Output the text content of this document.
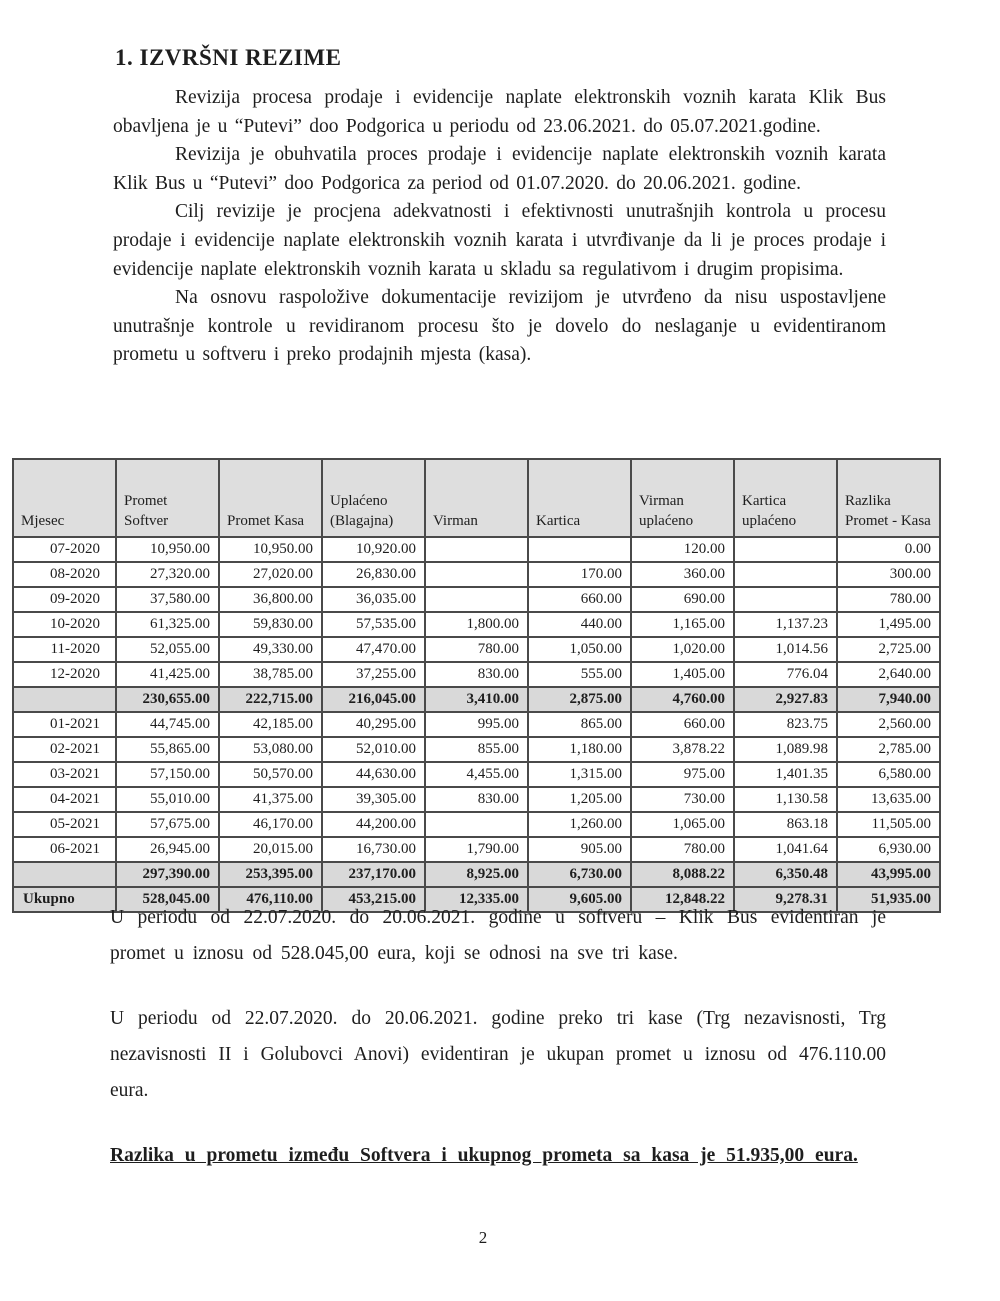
1. IZVRŠNI REZIME

Revizija procesa prodaje i evidencije naplate elektronskih voznih karata Klik Bus obavljena je u “Putevi” doo Podgorica u periodu od 23.06.2021. do 05.07.2021.godine.

Revizija je obuhvatila proces prodaje i evidencije naplate elektronskih voznih karata Klik Bus u “Putevi” doo Podgorica za period od 01.07.2020. do 20.06.2021. godine.

Cilj revizije je procjena adekvatnosti i efektivnosti unutrašnjih kontrola u procesu prodaje i evidencije naplate elektronskih voznih karata i utvrđivanje da li je proces prodaje i evidencije naplate elektronskih voznih karata u skladu sa regulativom i drugim propisima.

Na osnovu raspoložive dokumentacije revizijom je utvrđeno da nisu uspostavljene unutrašnje kontrole u revidiranom procesu što je dovelo do neslaganje u evidentiranom prometu u softveru i preko prodajnih mjesta (kasa).

Mjesec	Promet Softver	Promet Kasa	Uplaćeno (Blagajna)	Virman	Kartica	Virman uplaćeno	Kartica uplaćeno	Razlika Promet - Kasa
07-2020	10,950.00	10,950.00	10,920.00			120.00		0.00
08-2020	27,320.00	27,020.00	26,830.00		170.00	360.00		300.00
09-2020	37,580.00	36,800.00	36,035.00		660.00	690.00		780.00
10-2020	61,325.00	59,830.00	57,535.00	1,800.00	440.00	1,165.00	1,137.23	1,495.00
11-2020	52,055.00	49,330.00	47,470.00	780.00	1,050.00	1,020.00	1,014.56	2,725.00
12-2020	41,425.00	38,785.00	37,255.00	830.00	555.00	1,405.00	776.04	2,640.00
	230,655.00	222,715.00	216,045.00	3,410.00	2,875.00	4,760.00	2,927.83	7,940.00
01-2021	44,745.00	42,185.00	40,295.00	995.00	865.00	660.00	823.75	2,560.00
02-2021	55,865.00	53,080.00	52,010.00	855.00	1,180.00	3,878.22	1,089.98	2,785.00
03-2021	57,150.00	50,570.00	44,630.00	4,455.00	1,315.00	975.00	1,401.35	6,580.00
04-2021	55,010.00	41,375.00	39,305.00	830.00	1,205.00	730.00	1,130.58	13,635.00
05-2021	57,675.00	46,170.00	44,200.00		1,260.00	1,065.00	863.18	11,505.00
06-2021	26,945.00	20,015.00	16,730.00	1,790.00	905.00	780.00	1,041.64	6,930.00
	297,390.00	253,395.00	237,170.00	8,925.00	6,730.00	8,088.22	6,350.48	43,995.00
Ukupno	528,045.00	476,110.00	453,215.00	12,335.00	9,605.00	12,848.22	9,278.31	51,935.00

U periodu od 22.07.2020. do 20.06.2021. godine u softveru – Klik Bus evidentiran je promet u iznosu od 528.045,00 eura, koji se odnosi na sve tri kase.

U periodu od 22.07.2020. do 20.06.2021. godine preko tri kase (Trg nezavisnosti, Trg nezavisnosti II i Golubovci Anovi) evidentiran je ukupan promet u iznosu od 476.110.00 eura.

Razlika u prometu između Softvera i ukupnog prometa sa kasa je 51.935,00 eura.

2
